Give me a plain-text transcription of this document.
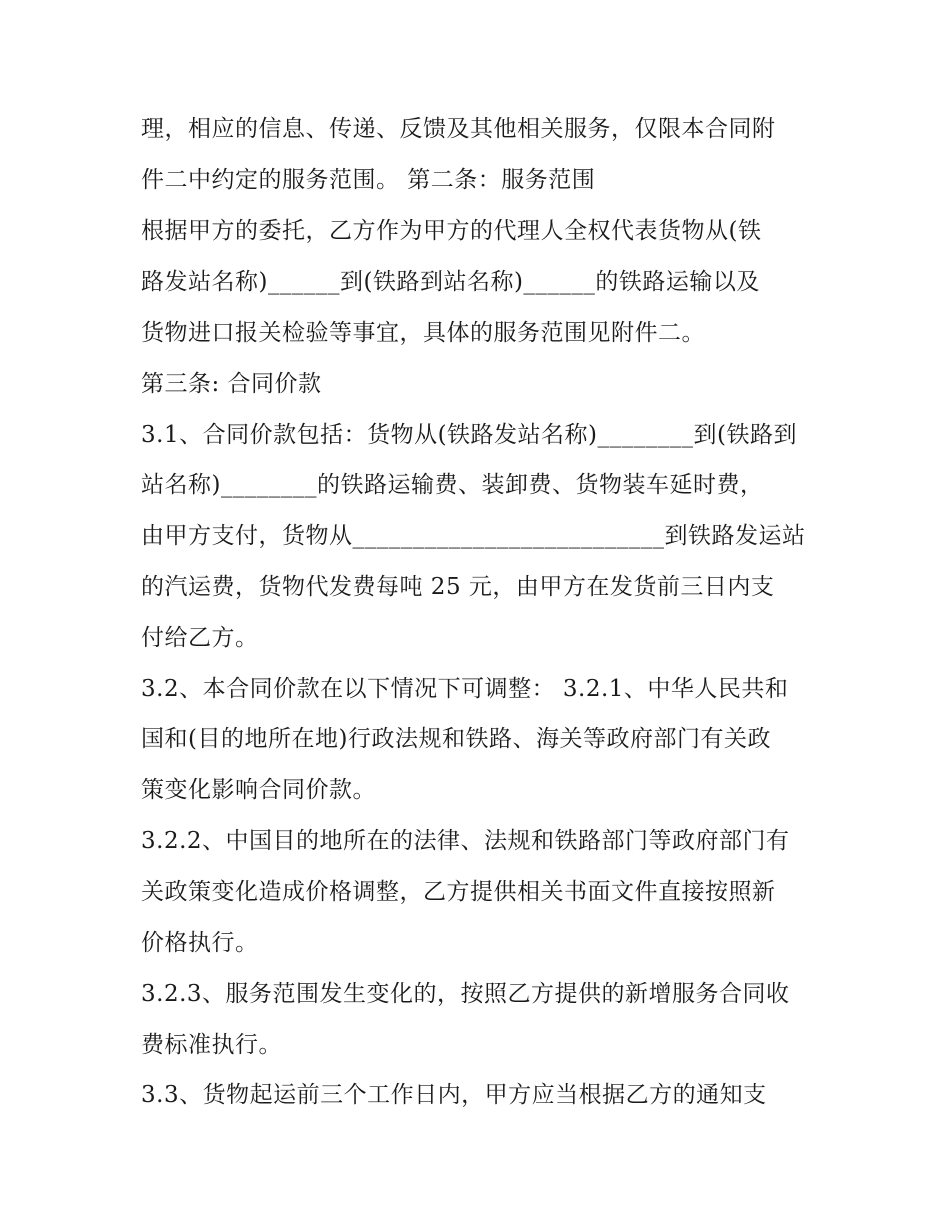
理，相应的信息、传递、反馈及其他相关服务，仅限本合同附
件二中约定的服务范围。 第二条：服务范围
根据甲方的委托，乙方作为甲方的代理人全权代表货物从(铁
路发站名称)______到(铁路到站名称)______的铁路运输以及
货物进口报关检验等事宜，具体的服务范围见附件二。
第三条: 合同价款
3.1、合同价款包括：货物从(铁路发站名称)________到(铁路到
站名称)________的铁路运输费、装卸费、货物装车延时费，
由甲方支付，货物从__________________________到铁路发运站
的汽运费，货物代发费每吨 25 元，由甲方在发货前三日内支
付给乙方。
3.2、本合同价款在以下情况下可调整： 3.2.1、中华人民共和
国和(目的地所在地)行政法规和铁路、海关等政府部门有关政
策变化影响合同价款。
3.2.2、中国目的地所在的法律、法规和铁路部门等政府部门有
关政策变化造成价格调整，乙方提供相关书面文件直接按照新
价格执行。
3.2.3、服务范围发生变化的，按照乙方提供的新增服务合同收
费标准执行。
3.3、货物起运前三个工作日内，甲方应当根据乙方的通知支
